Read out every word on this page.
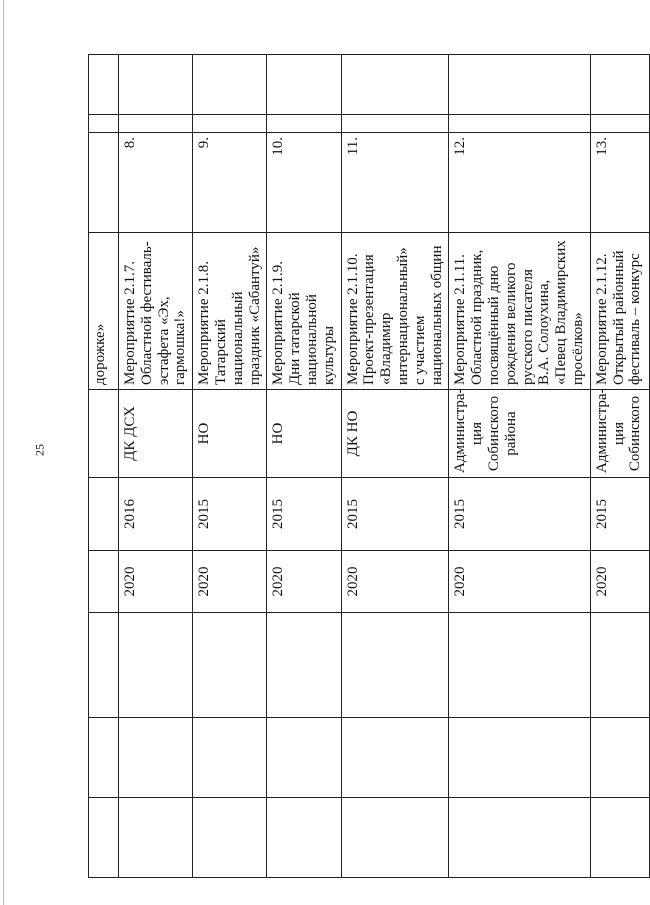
25
						дорожке»			
			2020	2016	ДК ДСХ	Мероприятие 2.1.7. Областной фестиваль-эстафета «Эх, гармошка!»	8.		
			2020	2015	НО	Мероприятие 2.1.8. Татарский национальный праздник «Сабантуй»	9.		
			2020	2015	НО	Мероприятие 2.1.9. Дни татарской национальной культуры	10.		
			2020	2015	ДК НО	Мероприятие 2.1.10. Проект-презентация «Владимир интернациональный» с участием национальных общин	11.		
			2020	2015	Администра-ция Собинского района	Мероприятие 2.1.11. Областной праздник, посвящённый дню рождения великого русского писателя В.А. Солоухина, «Певец Владимирских просёлков»	12.		
			2020	2015	Администра-ция Собинского	Мероприятие 2.1.12. Открытый районный фестиваль – конкурс	13.		
